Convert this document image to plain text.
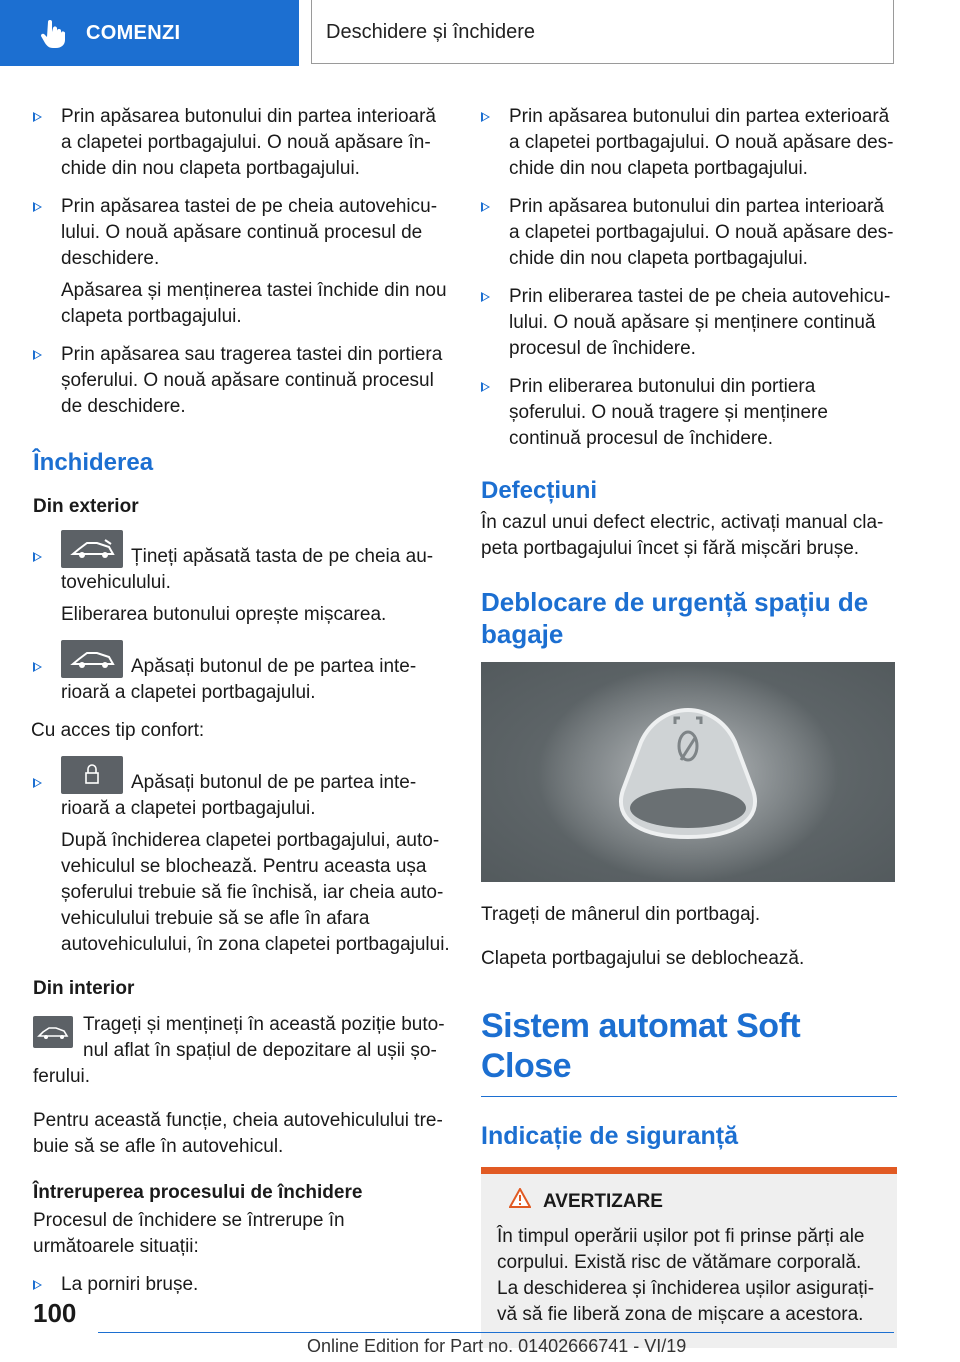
COMENZI	Deschidere și închidere
Prin apăsarea butonului din partea interioară a clapetei portbagajului. O nouă apăsare închide din nou clapeta portbagajului.
Prin apăsarea tastei de pe cheia autovehiculului. O nouă apăsare continuă procesul de deschidere.

Apăsarea și menținerea tastei închide din nou clapeta portbagajului.

Prin apăsarea sau tragerea tastei din portiera șoferului. O nouă apăsare continuă procesul de deschidere.
Închiderea
Din exterior
Țineți apăsată tasta de pe cheia autovehiculului.

Eliberarea butonului oprește mișcarea.

Apăsați butonul de pe partea interioară a clapetei portbagajului.

Cu acces tip confort:

Apăsați butonul de pe partea interioară a clapetei portbagajului.

După închiderea clapetei portbagajului, autovehiculul se blochează. Pentru aceasta ușa șoferului trebuie să fie închisă, iar cheia autovehiculului trebuie să se afle în afara autovehiculului, în zona clapetei portbagajului.

Din interior

Trageți și mențineți în această poziție butonul aflat în spațiul de depozitare al ușii șoferului.

Pentru această funcție, cheia autovehiculului trebuie să se afle în autovehicul.

Întreruperea procesului de închidere

Procesul de închidere se întrerupe în următoarele situații:

La porniri brușe.
Prin apăsarea butonului din partea exterioară a clapetei portbagajului. O nouă apăsare deschide din nou clapeta portbagajului.
Prin apăsarea butonului din partea interioară a clapetei portbagajului. O nouă apăsare deschide din nou clapeta portbagajului.
Prin eliberarea tastei de pe cheia autovehiculului. O nouă apăsare și menținere continuă procesul de închidere.
Prin eliberarea butonului din portiera șoferului. O nouă tragere și menținere continuă procesul de închidere.
Defecțiuni

În cazul unui defect electric, activați manual clapeta portbagajului încet și fără mișcări brușe.

Deblocare de urgență spațiu de bagaje

Trageți de mânerul din portbagaj.

Clapeta portbagajului se deblochează.

Sistem automat Soft Close
Indicație de siguranță
AVERTIZARE
În timpul operării ușilor pot fi prinse părți ale corpului. Există risc de vătămare corporală. La deschiderea și închiderea ușilor asigurați-vă să fie liberă zona de mișcare a acestora.
100
Online Edition for Part no. 01402666741 - VI/19
